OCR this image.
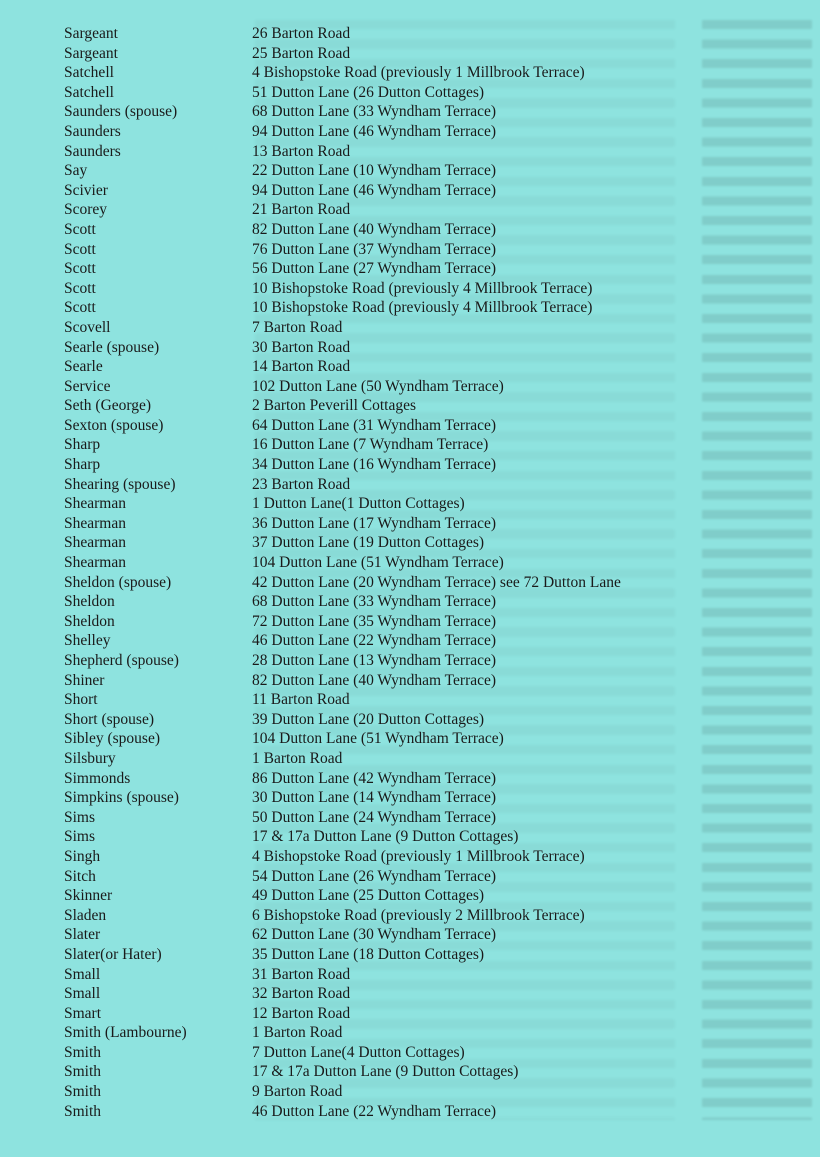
Sargeant	26 Barton Road
Sargeant	25 Barton Road
Satchell	4 Bishopstoke Road (previously 1 Millbrook Terrace)
Satchell	51 Dutton Lane (26 Dutton Cottages)
Saunders (spouse)	68 Dutton Lane (33 Wyndham Terrace)
Saunders	94 Dutton Lane (46 Wyndham Terrace)
Saunders	13 Barton Road
Say	22 Dutton Lane (10 Wyndham Terrace)
Scivier	94 Dutton Lane (46 Wyndham Terrace)
Scorey	21 Barton Road
Scott	82 Dutton Lane (40 Wyndham Terrace)
Scott	76 Dutton Lane (37 Wyndham Terrace)
Scott	56 Dutton Lane (27 Wyndham Terrace)
Scott	10 Bishopstoke Road (previously 4 Millbrook Terrace)
Scott	10 Bishopstoke Road (previously 4 Millbrook Terrace)
Scovell	7 Barton Road
Searle (spouse)	30 Barton Road
Searle	14 Barton Road
Service	102 Dutton Lane (50 Wyndham Terrace)
Seth (George)	2 Barton Peverill Cottages
Sexton (spouse)	64 Dutton Lane (31 Wyndham Terrace)
Sharp	16 Dutton Lane (7 Wyndham Terrace)
Sharp	34 Dutton Lane (16 Wyndham Terrace)
Shearing (spouse)	23 Barton Road
Shearman	1 Dutton Lane(1 Dutton Cottages)
Shearman	36 Dutton Lane (17 Wyndham Terrace)
Shearman	37 Dutton Lane (19 Dutton Cottages)
Shearman	104 Dutton Lane (51 Wyndham Terrace)
Sheldon (spouse)	42 Dutton Lane (20 Wyndham Terrace) see 72 Dutton Lane
Sheldon	68 Dutton Lane (33 Wyndham Terrace)
Sheldon	72 Dutton Lane (35 Wyndham Terrace)
Shelley	46 Dutton Lane (22 Wyndham Terrace)
Shepherd (spouse)	28 Dutton Lane (13 Wyndham Terrace)
Shiner	82 Dutton Lane (40 Wyndham Terrace)
Short	11 Barton Road
Short (spouse)	39 Dutton Lane (20 Dutton Cottages)
Sibley (spouse)	104 Dutton Lane (51 Wyndham Terrace)
Silsbury	1 Barton Road
Simmonds	86 Dutton Lane (42 Wyndham Terrace)
Simpkins (spouse)	30 Dutton Lane (14 Wyndham Terrace)
Sims	50 Dutton Lane (24 Wyndham Terrace)
Sims	17 & 17a Dutton Lane (9 Dutton Cottages)
Singh	4 Bishopstoke Road (previously 1 Millbrook Terrace)
Sitch	54 Dutton Lane (26 Wyndham Terrace)
Skinner	49 Dutton Lane (25 Dutton Cottages)
Sladen	6 Bishopstoke Road (previously 2 Millbrook Terrace)
Slater	62 Dutton Lane (30 Wyndham Terrace)
Slater(or Hater)	35 Dutton Lane (18 Dutton Cottages)
Small	31 Barton Road
Small	32 Barton Road
Smart	12 Barton Road
Smith (Lambourne)	1 Barton Road
Smith	7 Dutton Lane(4 Dutton Cottages)
Smith	17 & 17a Dutton Lane (9 Dutton Cottages)
Smith	9 Barton Road
Smith	46 Dutton Lane (22 Wyndham Terrace)
